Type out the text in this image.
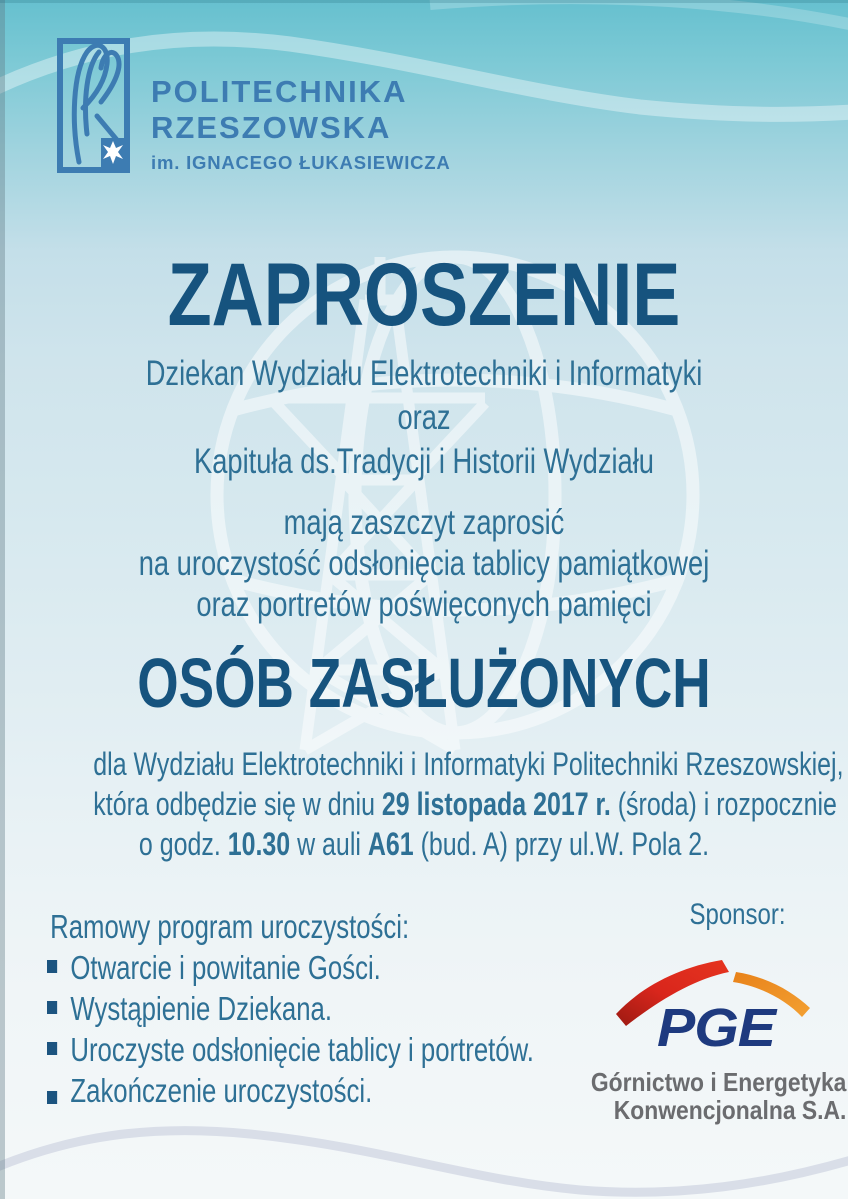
POLITECHNIKA
RZESZOWSKA
im. IGNACEGO ŁUKASIEWICZA
ZAPROSZENIE
Dziekan Wydziału Elektrotechniki i Informatyki
oraz
Kapituła ds.Tradycji i Historii Wydziału
mają zaszczyt zaprosić
na uroczystość odsłonięcia tablicy pamiątkowej
oraz portretów poświęconych pamięci
OSÓB ZASŁUŻONYCH
dla Wydziału Elektrotechniki i Informatyki Politechniki Rzeszowskiej,
która odbędzie się w dniu 29 listopada 2017 r. (środa) i rozpocznie
o godz. 10.30 w auli A61 (bud. A) przy ul.W. Pola 2.
Ramowy program uroczystości:
Otwarcie i powitanie Gości.
Wystąpienie Dziekana.
Uroczyste odsłonięcie tablicy i portretów.
Zakończenie uroczystości.
Sponsor:
PGE
Górnictwo i Energetyka
Konwencjonalna S.A.
